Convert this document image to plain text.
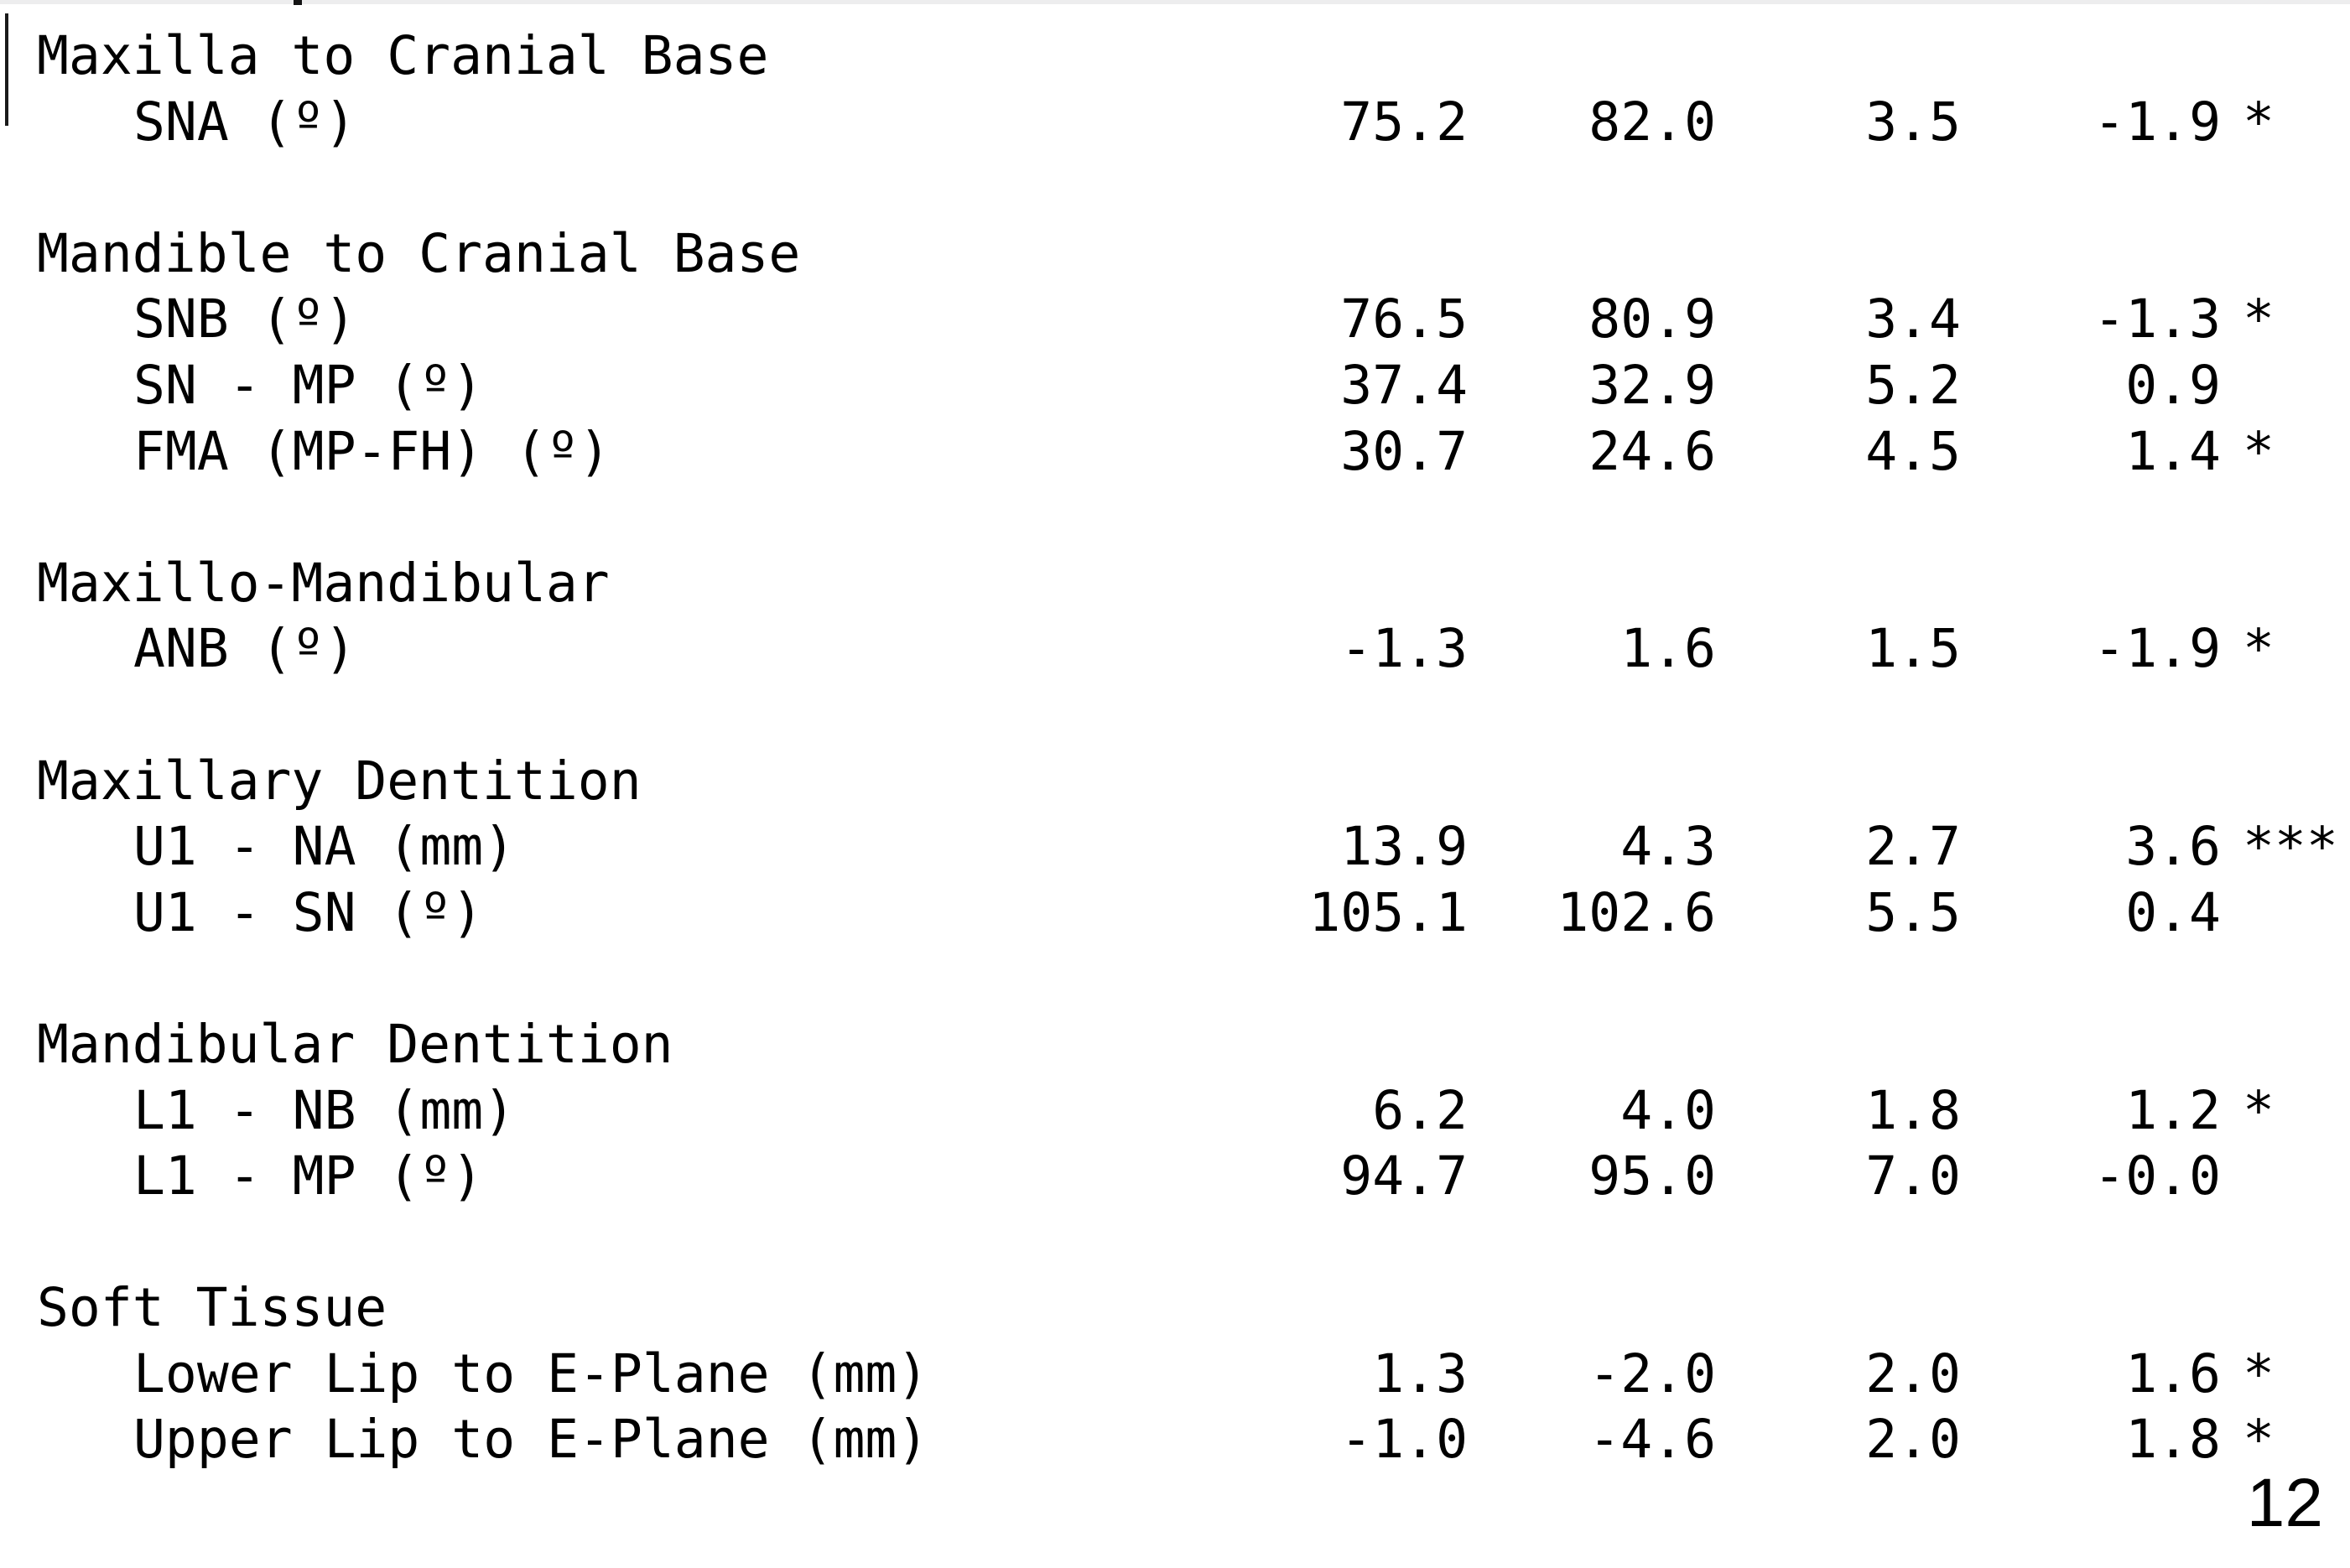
Maxilla to Cranial Base
SNA (º)	75.2	82.0	3.5	-1.9 *
Mandible to Cranial Base
SNB (º)	76.5	80.9	3.4	-1.3 *
SN - MP (º)	37.4	32.9	5.2	0.9
FMA (MP-FH) (º)	30.7	24.6	4.5	1.4 *
Maxillo-Mandibular
ANB (º)	-1.3	1.6	1.5	-1.9 *
Maxillary Dentition
U1 - NA (mm)	13.9	4.3	2.7	3.6 ***
U1 - SN (º)	105.1	102.6	5.5	0.4
Mandibular Dentition
L1 - NB (mm)	6.2	4.0	1.8	1.2 *
L1 - MP (º)	94.7	95.0	7.0	-0.0
Soft Tissue
Lower Lip to E-Plane (mm)	1.3	-2.0	2.0	1.6 *
Upper Lip to E-Plane (mm)	-1.0	-4.6	2.0	1.8 *
12
